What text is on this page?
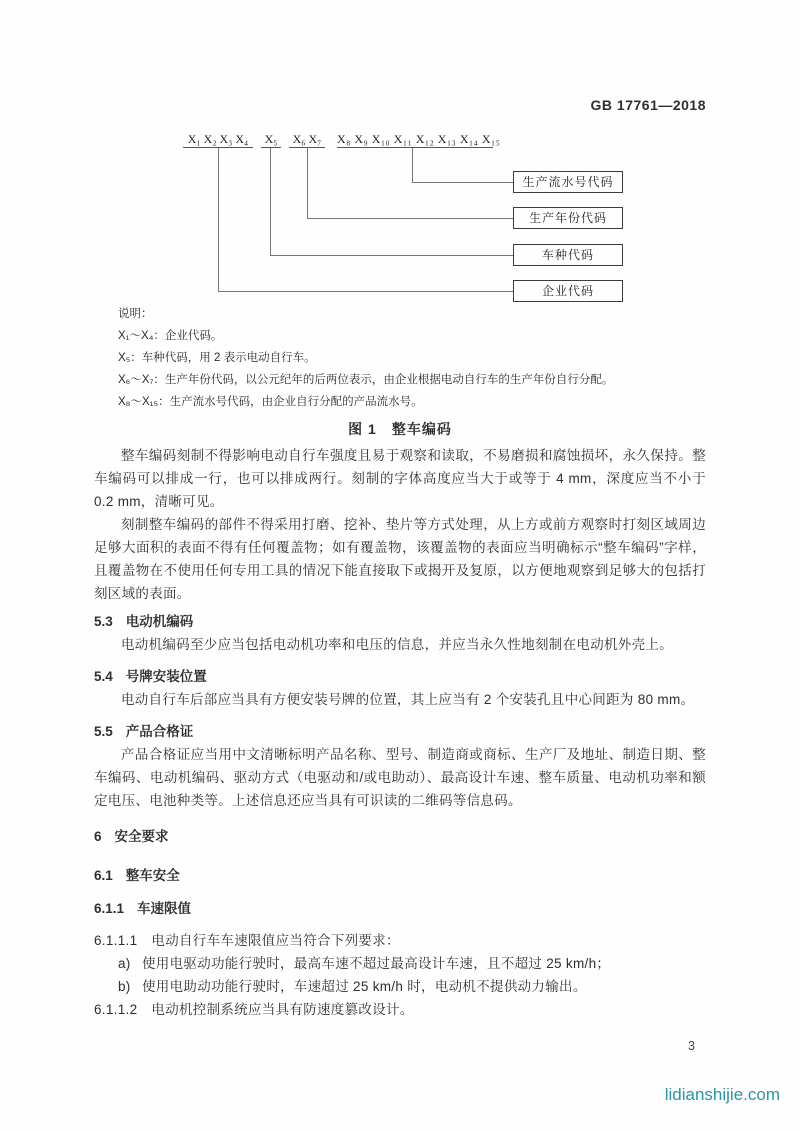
GB 17761—2018
X₁ X₂ X₃ X₄	X₅	X₆ X₇	X₈ X₉ X₁₀ X₁₁ X₁₂ X₁₃ X₁₄ X₁₅
生产流水号代码
生产年份代码
车种代码
企业代码
说明：
X₁～X₄：企业代码。
X₅：车种代码，用 2 表示电动自行车。
X₆～X₇：生产年份代码，以公元纪年的后两位表示，由企业根据电动自行车的生产年份自行分配。
X₈～X₁₅：生产流水号代码，由企业自行分配的产品流水号。
图 1　整车编码

整车编码刻制不得影响电动自行车强度且易于观察和读取，不易磨损和腐蚀损坏，永久保持。整车编码可以排成一行，也可以排成两行。刻制的字体高度应当大于或等于 4 mm，深度应当不小于 0.2 mm，清晰可见。

刻制整车编码的部件不得采用打磨、挖补、垫片等方式处理，从上方或前方观察时打刻区域周边足够大面积的表面不得有任何覆盖物；如有覆盖物，该覆盖物的表面应当明确标示“整车编码”字样，且覆盖物在不使用任何专用工具的情况下能直接取下或揭开及复原，以方便地观察到足够大的包括打刻区域的表面。

5.3 电动机编码

电动机编码至少应当包括电动机功率和电压的信息，并应当永久性地刻制在电动机外壳上。

5.4 号牌安装位置

电动自行车后部应当具有方便安装号牌的位置，其上应当有 2 个安装孔且中心间距为 80 mm。

5.5 产品合格证

产品合格证应当用中文清晰标明产品名称、型号、制造商或商标、生产厂及地址、制造日期、整车编码、电动机编码、驱动方式（电驱动和/或电助动）、最高设计车速、整车质量、电动机功率和额定电压、电池种类等。上述信息还应当具有可识读的二维码等信息码。

6 安全要求
6.1 整车安全
6.1.1 车速限值
6.1.1.1 电动自行车车速限值应当符合下列要求：
a) 使用电驱动功能行驶时，最高车速不超过最高设计车速，且不超过 25 km/h；
b) 使用电助动功能行驶时，车速超过 25 km/h 时，电动机不提供动力输出。
6.1.1.2 电动机控制系统应当具有防速度篡改设计。
3
lidianshijie.com
